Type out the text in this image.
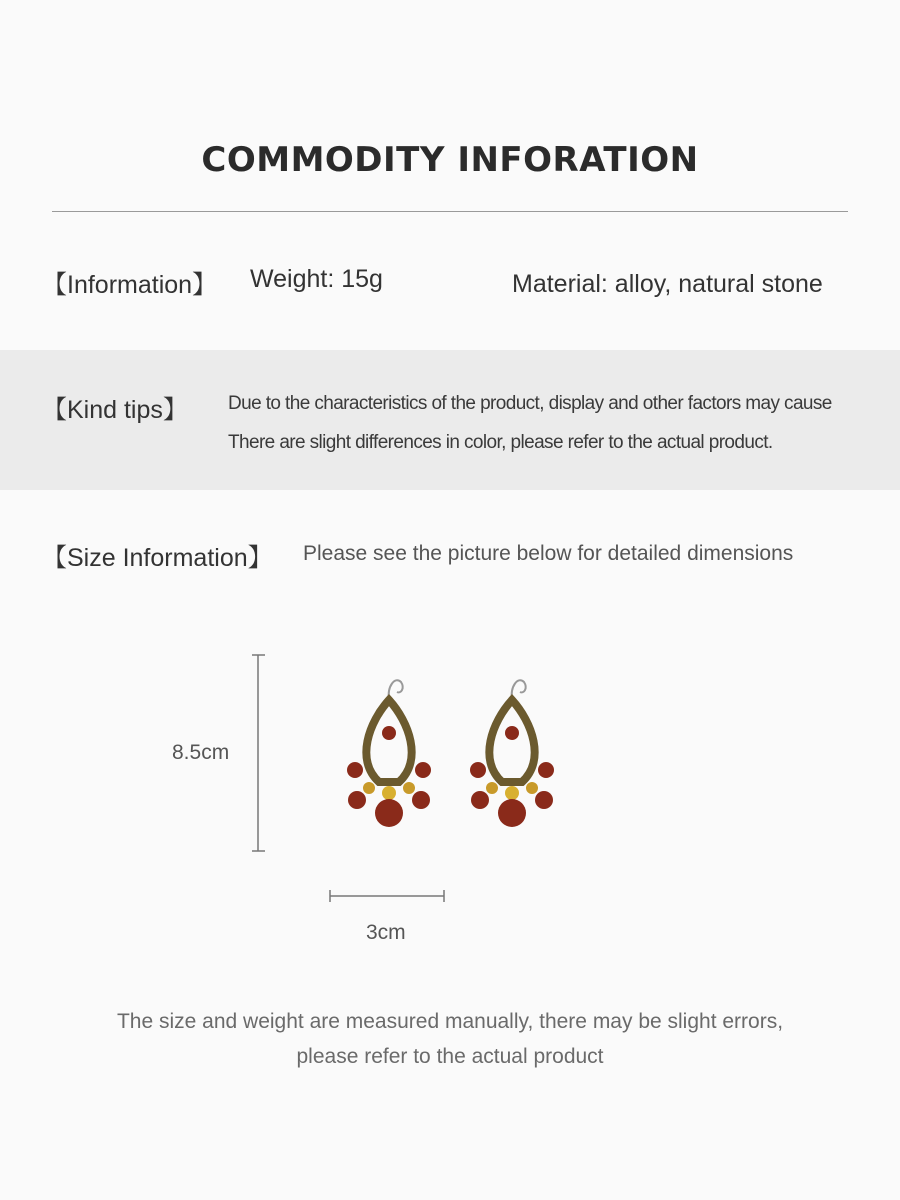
COMMODITY INFORATION
【Information】 Weight: 15g	Material: alloy, natural stone
【Kind tips】 Due to the characteristics of the product, display and other factors may cause
There are slight differences in color, please refer to the actual product.
【Size Information】 Please see the picture below for detailed dimensions
8.5cm
3cm
The size and weight are measured manually, there may be slight errors,
please refer to the actual product
